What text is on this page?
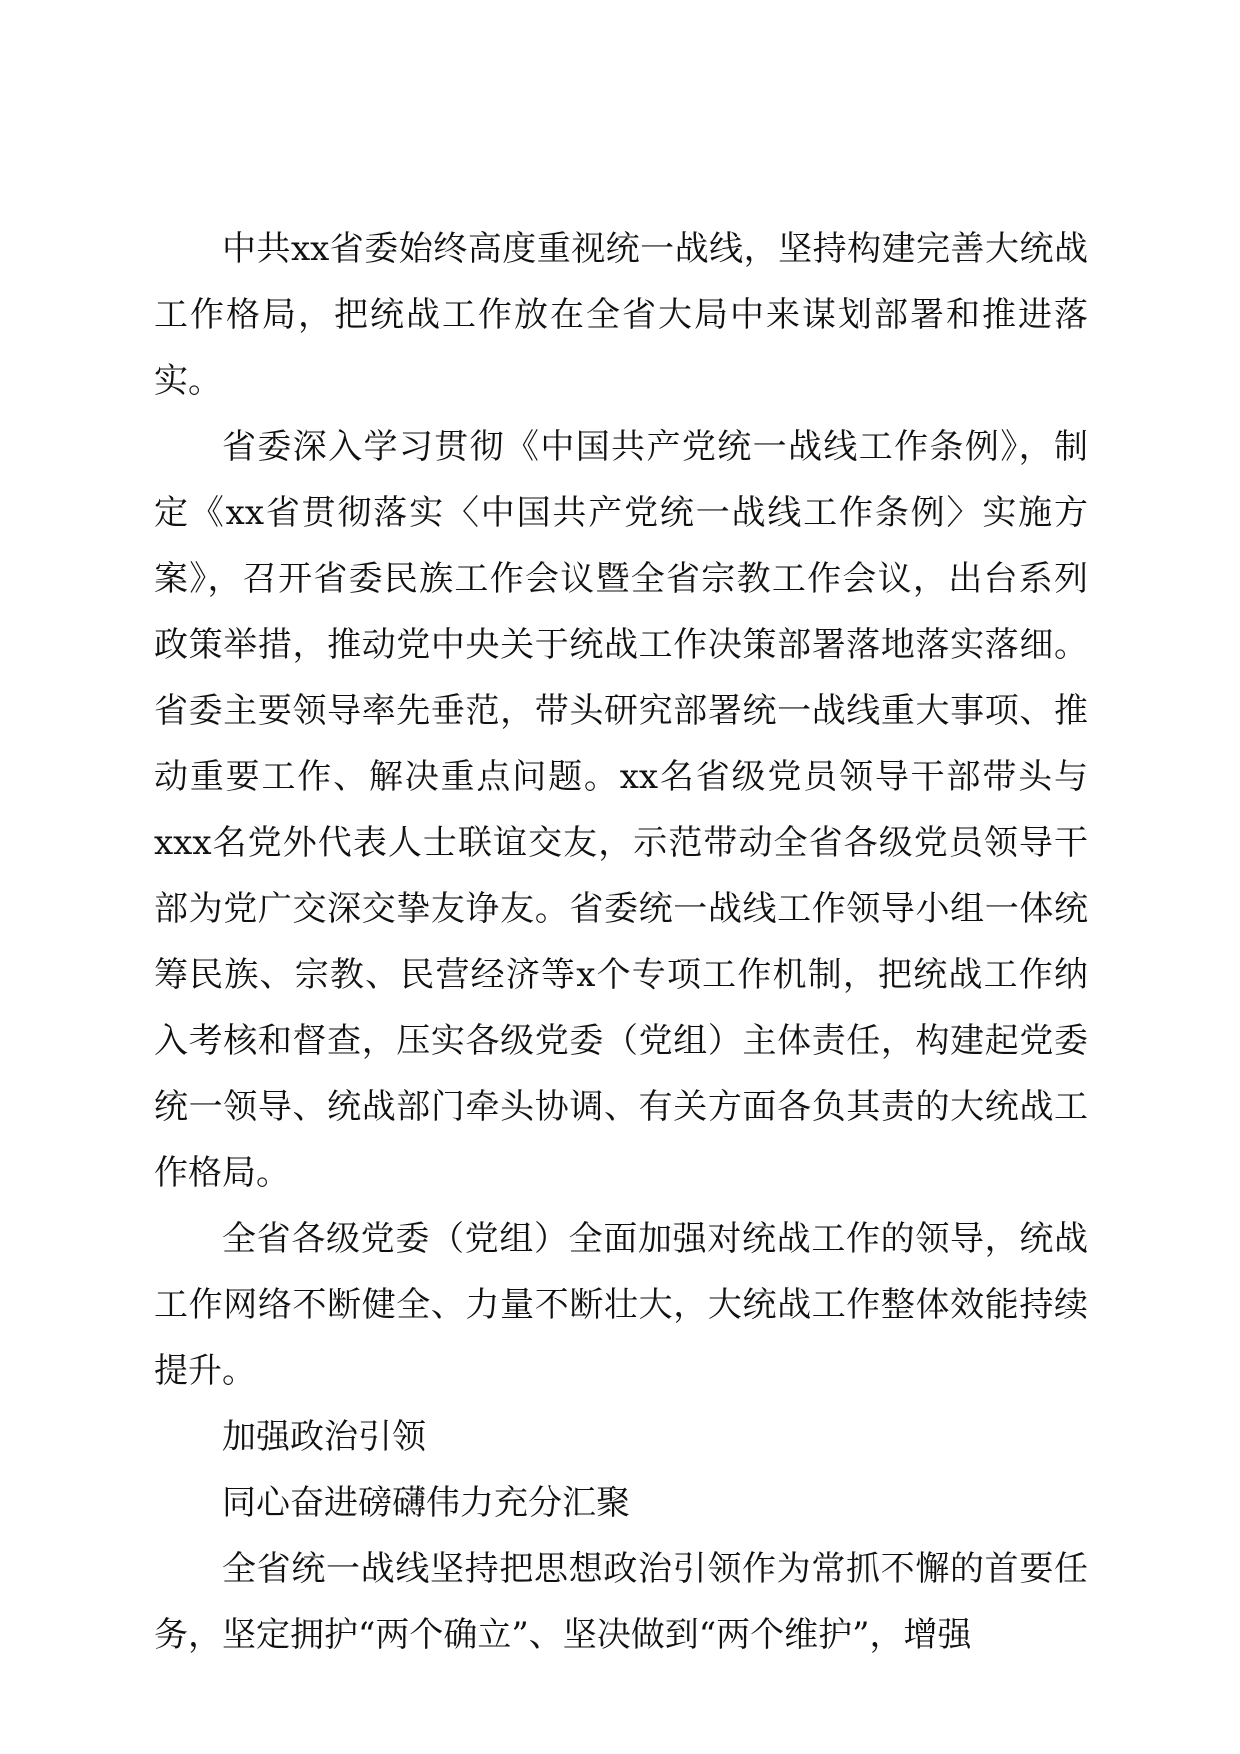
中共xx省委始终高度重视统一战线，坚持构建完善大统战工作格局，把统战工作放在全省大局中来谋划部署和推进落实。

省委深入学习贯彻《中国共产党统一战线工作条例》，制定《xx省贯彻落实〈中国共产党统一战线工作条例〉实施方案》，召开省委民族工作会议暨全省宗教工作会议，出台系列政策举措，推动党中央关于统战工作决策部署落地落实落细。省委主要领导率先垂范，带头研究部署统一战线重大事项、推动重要工作、解决重点问题。xx名省级党员领导干部带头与xxx名党外代表人士联谊交友，示范带动全省各级党员领导干部为党广交深交挚友诤友。省委统一战线工作领导小组一体统筹民族、宗教、民营经济等x个专项工作机制，把统战工作纳入考核和督查，压实各级党委（党组）主体责任，构建起党委统一领导、统战部门牵头协调、有关方面各负其责的大统战工作格局。

全省各级党委（党组）全面加强对统战工作的领导，统战工作网络不断健全、力量不断壮大，大统战工作整体效能持续提升。

加强政治引领

同心奋进磅礴伟力充分汇聚

全省统一战线坚持把思想政治引领作为常抓不懈的首要任务，坚定拥护“两个确立”、坚决做到“两个维护”，增强
